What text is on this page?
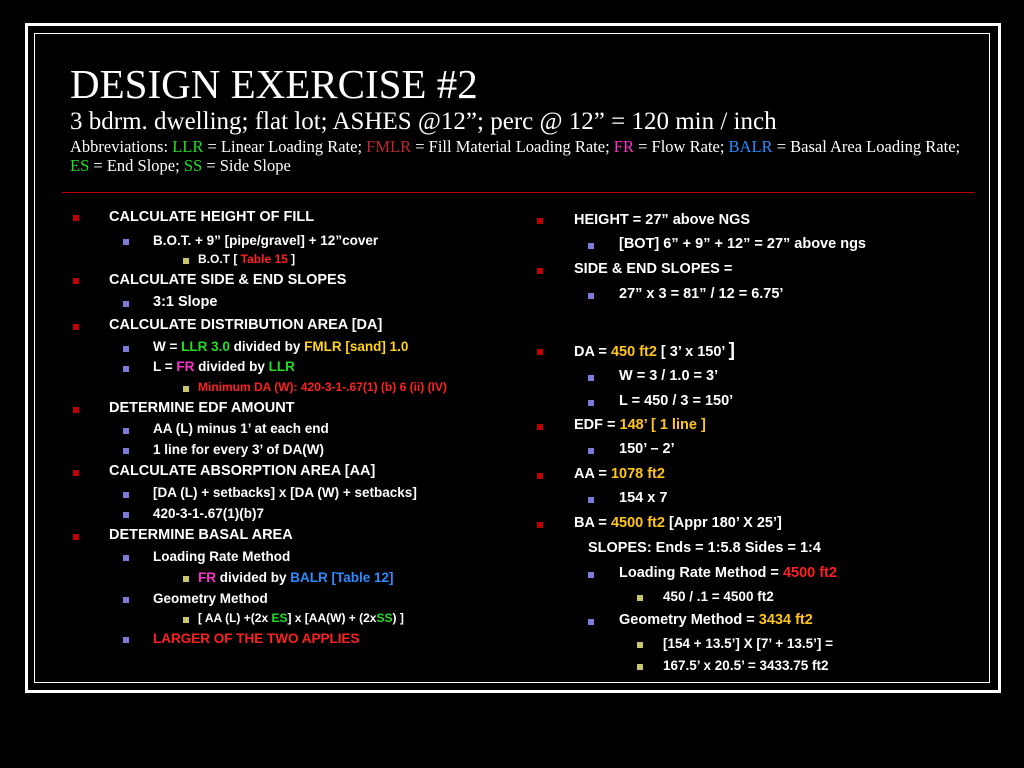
DESIGN EXERCISE #2
3 bdrm. dwelling; flat lot; ASHES @12”; perc @ 12” = 120 min / inch
Abbreviations: LLR = Linear Loading Rate; FMLR = Fill Material Loading Rate; FR = Flow Rate; BALR = Basal Area Loading Rate; ES = End Slope; SS = Side Slope
CALCULATE HEIGHT OF FILL
B.O.T. + 9” [pipe/gravel] + 12”cover
B.O.T [ Table 15 ]
CALCULATE SIDE & END SLOPES
3:1 Slope
CALCULATE DISTRIBUTION AREA [DA]
W = LLR 3.0 divided by FMLR [sand] 1.0
L = FR divided by LLR
Minimum DA (W): 420-3-1-.67(1) (b) 6 (ii) (IV)
DETERMINE EDF AMOUNT
AA (L) minus 1’ at each end
1 line for every 3’ of DA(W)
CALCULATE ABSORPTION AREA [AA]
[DA (L) + setbacks] x [DA (W) + setbacks]
420-3-1-.67(1)(b)7
DETERMINE BASAL AREA
Loading Rate Method
FR divided by BALR [Table 12]
Geometry Method
[ AA (L) +(2x ES] x [AA(W) + (2xSS) ]
LARGER OF THE TWO APPLIES
HEIGHT = 27” above NGS
[BOT] 6” + 9” + 12” = 27” above ngs
SIDE & END SLOPES =
27” x 3 = 81” / 12 = 6.75’
DA = 450 ft2 [ 3’ x 150’ ]
W = 3 / 1.0 = 3’
L = 450 / 3 = 150’
EDF = 148’ [ 1 line ]
150’ – 2’
AA = 1078 ft2
154 x 7
BA = 4500 ft2 [Appr 180’ X 25’]
SLOPES: Ends = 1:5.8 Sides = 1:4
Loading Rate Method = 4500 ft2
450 / .1 = 4500 ft2
Geometry Method = 3434 ft2
[154 + 13.5’] X [7’ + 13.5’] =
167.5’ x 20.5’ = 3433.75 ft2
